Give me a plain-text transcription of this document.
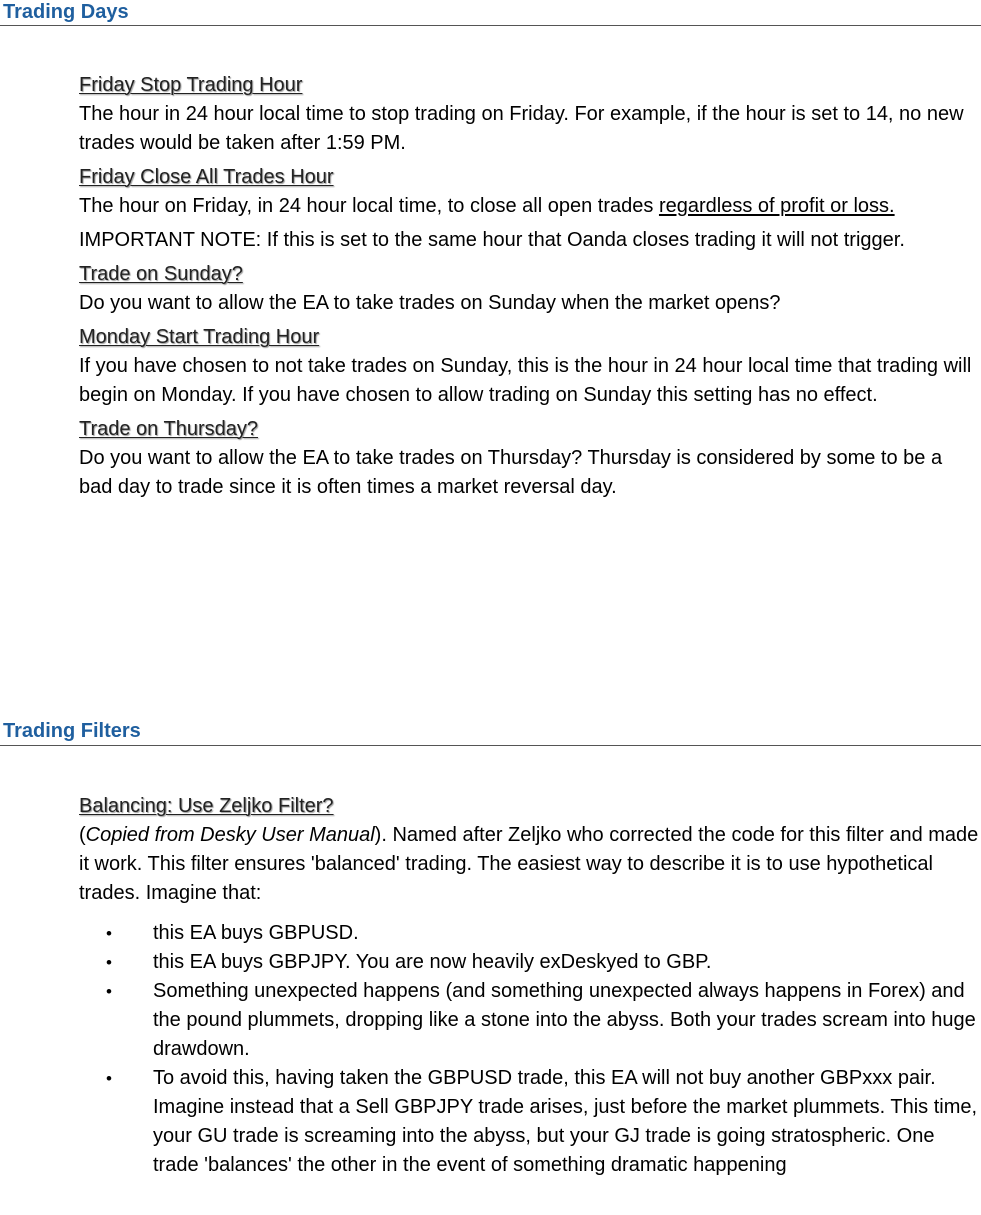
Trading Days
Friday Stop Trading Hour

The hour in 24 hour local time to stop trading on Friday. For example, if the hour is set to 14, no new trades would be taken after 1:59 PM.

Friday Close All Trades Hour

The hour on Friday, in 24 hour local time, to close all open trades regardless of profit or loss.

IMPORTANT NOTE: If this is set to the same hour that Oanda closes trading it will not trigger.

Trade on Sunday?

Do you want to allow the EA to take trades on Sunday when the market opens?

Monday Start Trading Hour

If you have chosen to not take trades on Sunday, this is the hour in 24 hour local time that trading will begin on Monday. If you have chosen to allow trading on Sunday this setting has no effect.

Trade on Thursday?

Do you want to allow the EA to take trades on Thursday? Thursday is considered by some to be a bad day to trade since it is often times a market reversal day.

Trading Filters
Balancing: Use Zeljko Filter?

(Copied from Desky User Manual). Named after Zeljko who corrected the code for this filter and made it work. This filter ensures 'balanced' trading. The easiest way to describe it is to use hypothetical trades. Imagine that:

• this EA buys GBPUSD.
• this EA buys GBPJPY. You are now heavily exDeskyed to GBP.
• Something unexpected happens (and something unexpected always happens in Forex) and the pound plummets, dropping like a stone into the abyss. Both your trades scream into huge drawdown.
• To avoid this, having taken the GBPUSD trade, this EA will not buy another GBPxxx pair. Imagine instead that a Sell GBPJPY trade arises, just before the market plummets. This time, your GU trade is screaming into the abyss, but your GJ trade is going stratospheric. One trade 'balances' the other in the event of something dramatic happening
